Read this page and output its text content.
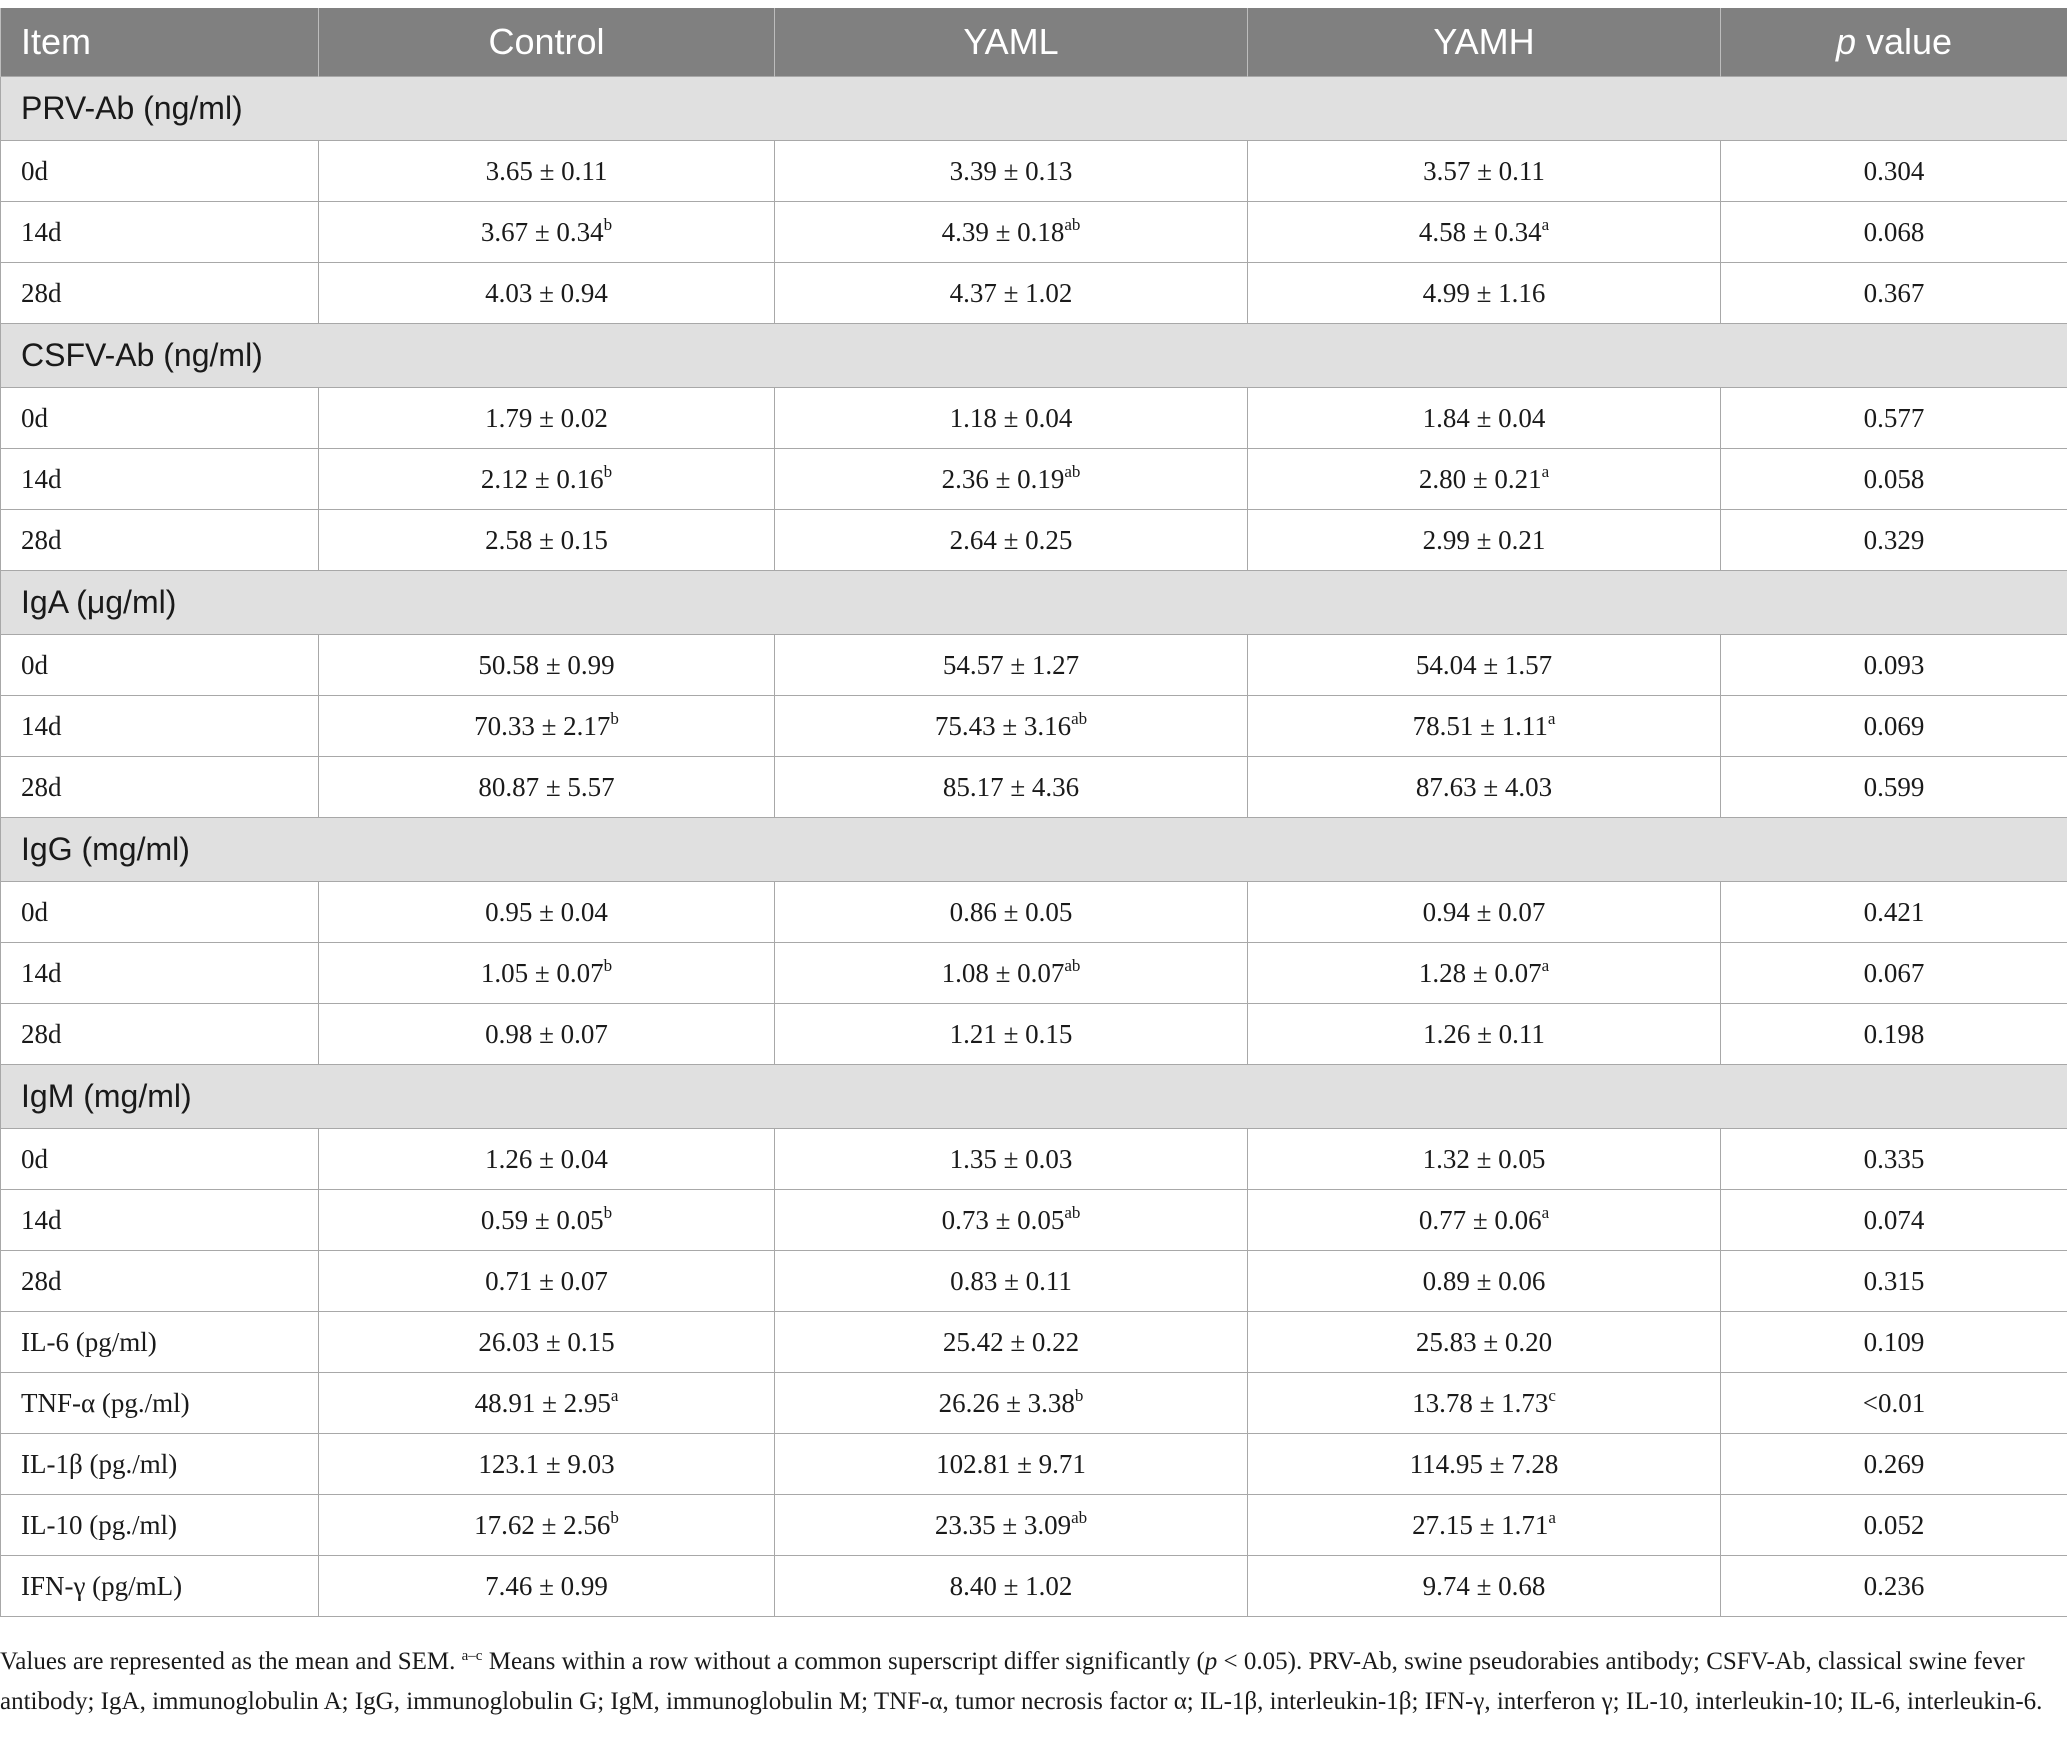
Item	Control	YAML	YAMH	p value
PRV-Ab (ng/ml)				
0d	3.65 ± 0.11	3.39 ± 0.13	3.57 ± 0.11	0.304
14d	3.67 ± 0.34$^b$	4.39 ± 0.18$^{ab}$	4.58 ± 0.34$^a$	0.068
28d	4.03 ± 0.94	4.37 ± 1.02	4.99 ± 1.16	0.367
CSFV-Ab (ng/ml)				
0d	1.79 ± 0.02	1.18 ± 0.04	1.84 ± 0.04	0.577
14d	2.12 ± 0.16$^b$	2.36 ± 0.19$^{ab}$	2.80 ± 0.21$^a$	0.058
28d	2.58 ± 0.15	2.64 ± 0.25	2.99 ± 0.21	0.329
IgA (μg/ml)				
0d	50.58 ± 0.99	54.57 ± 1.27	54.04 ± 1.57	0.093
14d	70.33 ± 2.17$^b$	75.43 ± 3.16$^{ab}$	78.51 ± 1.11$^a$	0.069
28d	80.87 ± 5.57	85.17 ± 4.36	87.63 ± 4.03	0.599
IgG (mg/ml)				
0d	0.95 ± 0.04	0.86 ± 0.05	0.94 ± 0.07	0.421
14d	1.05 ± 0.07$^b$	1.08 ± 0.07$^{ab}$	1.28 ± 0.07$^a$	0.067
28d	0.98 ± 0.07	1.21 ± 0.15	1.26 ± 0.11	0.198
IgM (mg/ml)				
0d	1.26 ± 0.04	1.35 ± 0.03	1.32 ± 0.05	0.335
14d	0.59 ± 0.05$^b$	0.73 ± 0.05$^{ab}$	0.77 ± 0.06$^a$	0.074
28d	0.71 ± 0.07	0.83 ± 0.11	0.89 ± 0.06	0.315
IL-6 (pg/ml)	26.03 ± 0.15	25.42 ± 0.22	25.83 ± 0.20	0.109
TNF-α (pg./ml)	48.91 ± 2.95$^a$	26.26 ± 3.38$^b$	13.78 ± 1.73$^c$	<0.01
IL-1β (pg./ml)	123.1 ± 9.03	102.81 ± 9.71	114.95 ± 7.28	0.269
IL-10 (pg./ml)	17.62 ± 2.56$^b$	23.35 ± 3.09$^{ab}$	27.15 ± 1.71$^a$	0.052
IFN-γ (pg/mL)	7.46 ± 0.99	8.40 ± 1.02	9.74 ± 0.68	0.236
Values are represented as the mean and SEM. $^{a-c}$ Means within a row without a common superscript differ significantly (p < 0.05). PRV-Ab, swine pseudorabies antibody; CSFV-Ab, classical swine fever antibody; IgA, immunoglobulin A; IgG, immunoglobulin G; IgM, immunoglobulin M; TNF-α, tumor necrosis factor α; IL-1β, interleukin-1β; IFN-γ, interferon γ; IL-10, interleukin-10; IL-6, interleukin-6.
